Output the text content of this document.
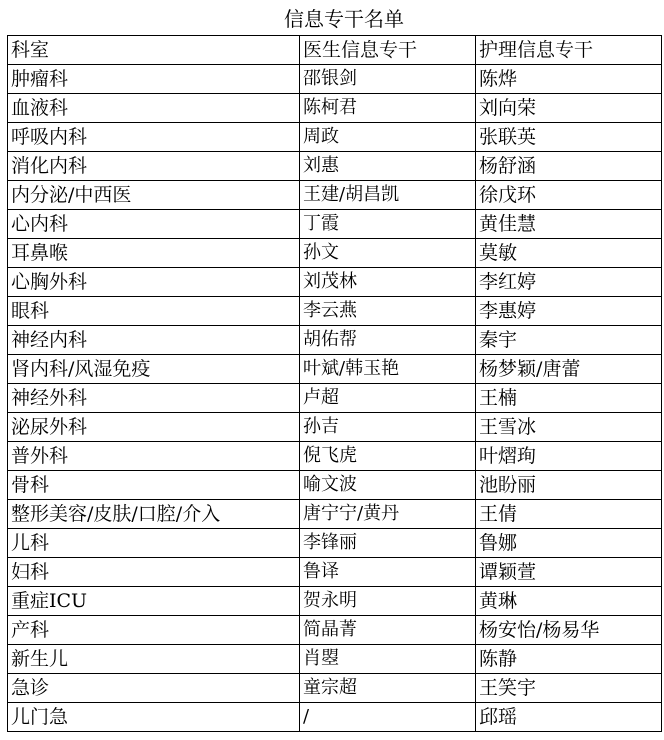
信息专干名单
科室	医生信息专干	护理信息专干
肿瘤科	邵银剑	陈烨
血液科	陈柯君	刘向荣
呼吸内科	周政	张联英
消化内科	刘惠	杨舒涵
内分泌/中西医	王建/胡昌凯	徐戊环
心内科	丁霞	黄佳慧
耳鼻喉	孙文	莫敏
心胸外科	刘茂林	李红婷
眼科	李云燕	李惠婷
神经内科	胡佑帮	秦宇
肾内科/风湿免疫	叶斌/韩玉艳	杨梦颖/唐蕾
神经外科	卢超	王楠
泌尿外科	孙吉	王雪冰
普外科	倪飞虎	叶熠珣
骨科	喻文波	池盼丽
整形美容/皮肤/口腔/介入	唐宁宁/黄丹	王倩
儿科	李锋丽	鲁娜
妇科	鲁译	谭颖萱
重症ICU	贺永明	黄琳
产科	简晶菁	杨安怡/杨易华
新生儿	肖曌	陈静
急诊	童宗超	王笑宇
儿门急	/	邱瑶
